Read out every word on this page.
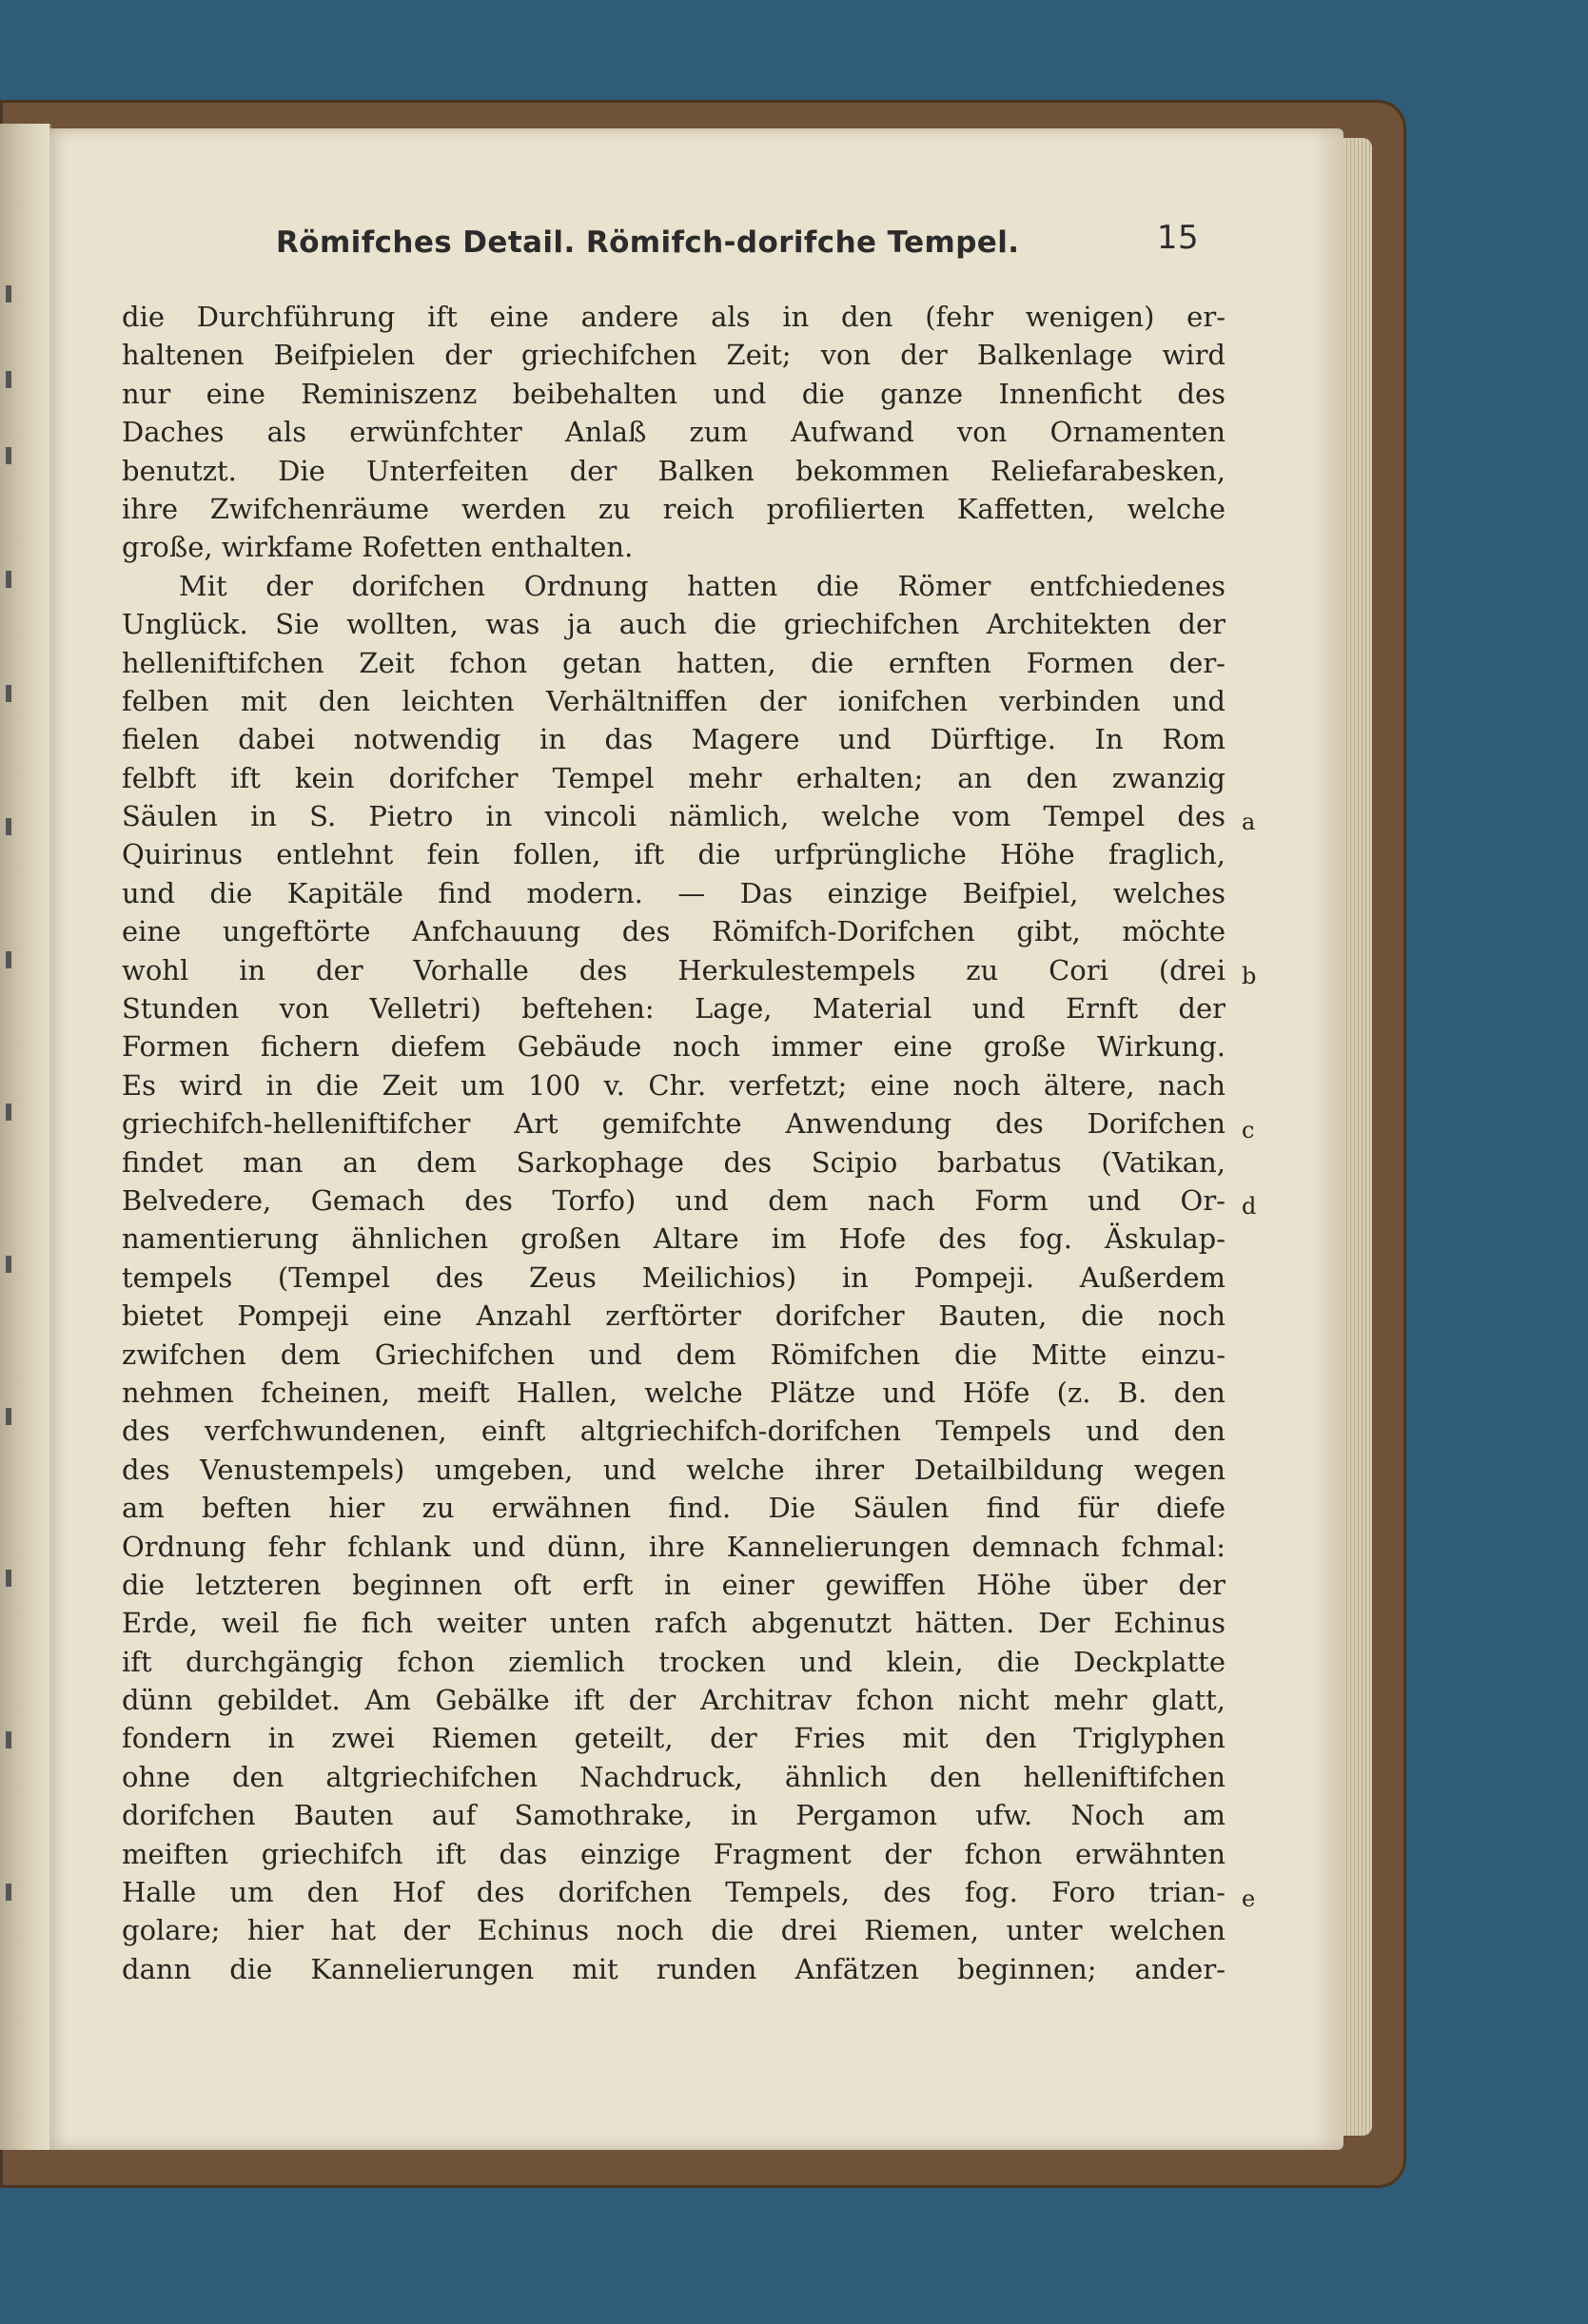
Römifches Detail. Römifch-dorifche Tempel.	15
die Durchführung ift eine andere als in den (fehr wenigen) er-
haltenen Beifpielen der griechifchen Zeit; von der Balkenlage wird
nur eine Reminiszenz beibehalten und die ganze Innenficht des
Daches als erwünfchter Anlaß zum Aufwand von Ornamenten
benutzt. Die Unterfeiten der Balken bekommen Reliefarabesken,
ihre Zwifchenräume werden zu reich profilierten Kaffetten, welche
große, wirkfame Rofetten enthalten.
Mit der dorifchen Ordnung hatten die Römer entfchiedenes
Unglück. Sie wollten, was ja auch die griechifchen Architekten der
helleniftifchen Zeit fchon getan hatten, die ernften Formen der-
felben mit den leichten Verhältniffen der ionifchen verbinden und
fielen dabei notwendig in das Magere und Dürftige. In Rom
felbft ift kein dorifcher Tempel mehr erhalten; an den zwanzig
Säulen in S. Pietro in vincoli nämlich, welche vom Tempel des
Quirinus entlehnt fein follen, ift die urfprüngliche Höhe fraglich,
und die Kapitäle find modern. — Das einzige Beifpiel, welches
eine ungeftörte Anfchauung des Römifch-Dorifchen gibt, möchte
wohl in der Vorhalle des Herkulestempels zu Cori (drei
Stunden von Velletri) beftehen: Lage, Material und Ernft der
Formen fichern diefem Gebäude noch immer eine große Wirkung.
Es wird in die Zeit um 100 v. Chr. verfetzt; eine noch ältere, nach
griechifch-helleniftifcher Art gemifchte Anwendung des Dorifchen
findet man an dem Sarkophage des Scipio barbatus (Vatikan,
Belvedere, Gemach des Torfo) und dem nach Form und Or-
namentierung ähnlichen großen Altare im Hofe des fog. Äskulap-
tempels (Tempel des Zeus Meilichios) in Pompeji. Außerdem
bietet Pompeji eine Anzahl zerftörter dorifcher Bauten, die noch
zwifchen dem Griechifchen und dem Römifchen die Mitte einzu-
nehmen fcheinen, meift Hallen, welche Plätze und Höfe (z. B. den
des verfchwundenen, einft altgriechifch-dorifchen Tempels und den
des Venustempels) umgeben, und welche ihrer Detailbildung wegen
am beften hier zu erwähnen find. Die Säulen find für diefe
Ordnung fehr fchlank und dünn, ihre Kannelierungen demnach fchmal:
die letzteren beginnen oft erft in einer gewiffen Höhe über der
Erde, weil fie fich weiter unten rafch abgenutzt hätten. Der Echinus
ift durchgängig fchon ziemlich trocken und klein, die Deckplatte
dünn gebildet. Am Gebälke ift der Architrav fchon nicht mehr glatt,
fondern in zwei Riemen geteilt, der Fries mit den Triglyphen
ohne den altgriechifchen Nachdruck, ähnlich den helleniftifchen
dorifchen Bauten auf Samothrake, in Pergamon ufw. Noch am
meiften griechifch ift das einzige Fragment der fchon erwähnten
Halle um den Hof des dorifchen Tempels, des fog. Foro trian-
golare; hier hat der Echinus noch die drei Riemen, unter welchen
dann die Kannelierungen mit runden Anfätzen beginnen; ander-
a
b
c
d
e
